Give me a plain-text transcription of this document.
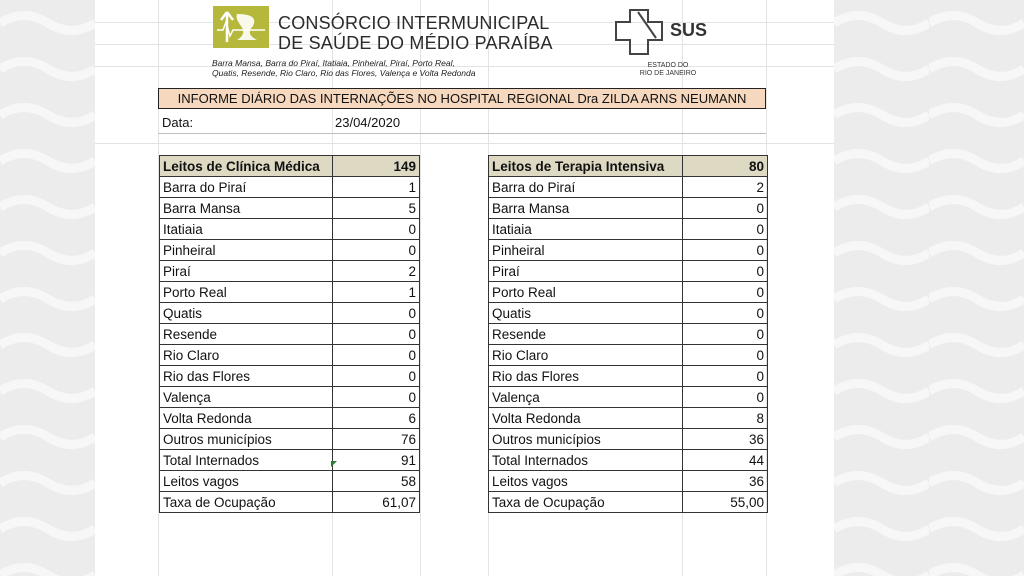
CONSÓRCIO INTERMUNICIPAL
DE SAÚDE DO MÉDIO PARAÍBA
Barra Mansa, Barra do Piraí, Itatiaia, Pinheiral, Piraí, Porto Real,
Quatis, Resende, Rio Claro, Rio das Flores, Valença e Volta Redonda
SUS
ESTADO DO
RIO DE JANEIRO
INFORME DIÁRIO DAS INTERNAÇÕES NO HOSPITAL REGIONAL Dra ZILDA ARNS NEUMANN
Data:	23/04/2020
Leitos de Clínica Médica	149
Barra do Piraí	1
Barra Mansa	5
Itatiaia	0
Pinheiral	0
Piraí	2
Porto Real	1
Quatis	0
Resende	0
Rio Claro	0
Rio das Flores	0
Valença	0
Volta Redonda	6
Outros municípios	76
Total Internados	91
Leitos vagos	58
Taxa de Ocupação	61,07
Leitos de Terapia Intensiva	80
Barra do Piraí	2
Barra Mansa	0
Itatiaia	0
Pinheiral	0
Piraí	0
Porto Real	0
Quatis	0
Resende	0
Rio Claro	0
Rio das Flores	0
Valença	0
Volta Redonda	8
Outros municípios	36
Total Internados	44
Leitos vagos	36
Taxa de Ocupação	55,00
